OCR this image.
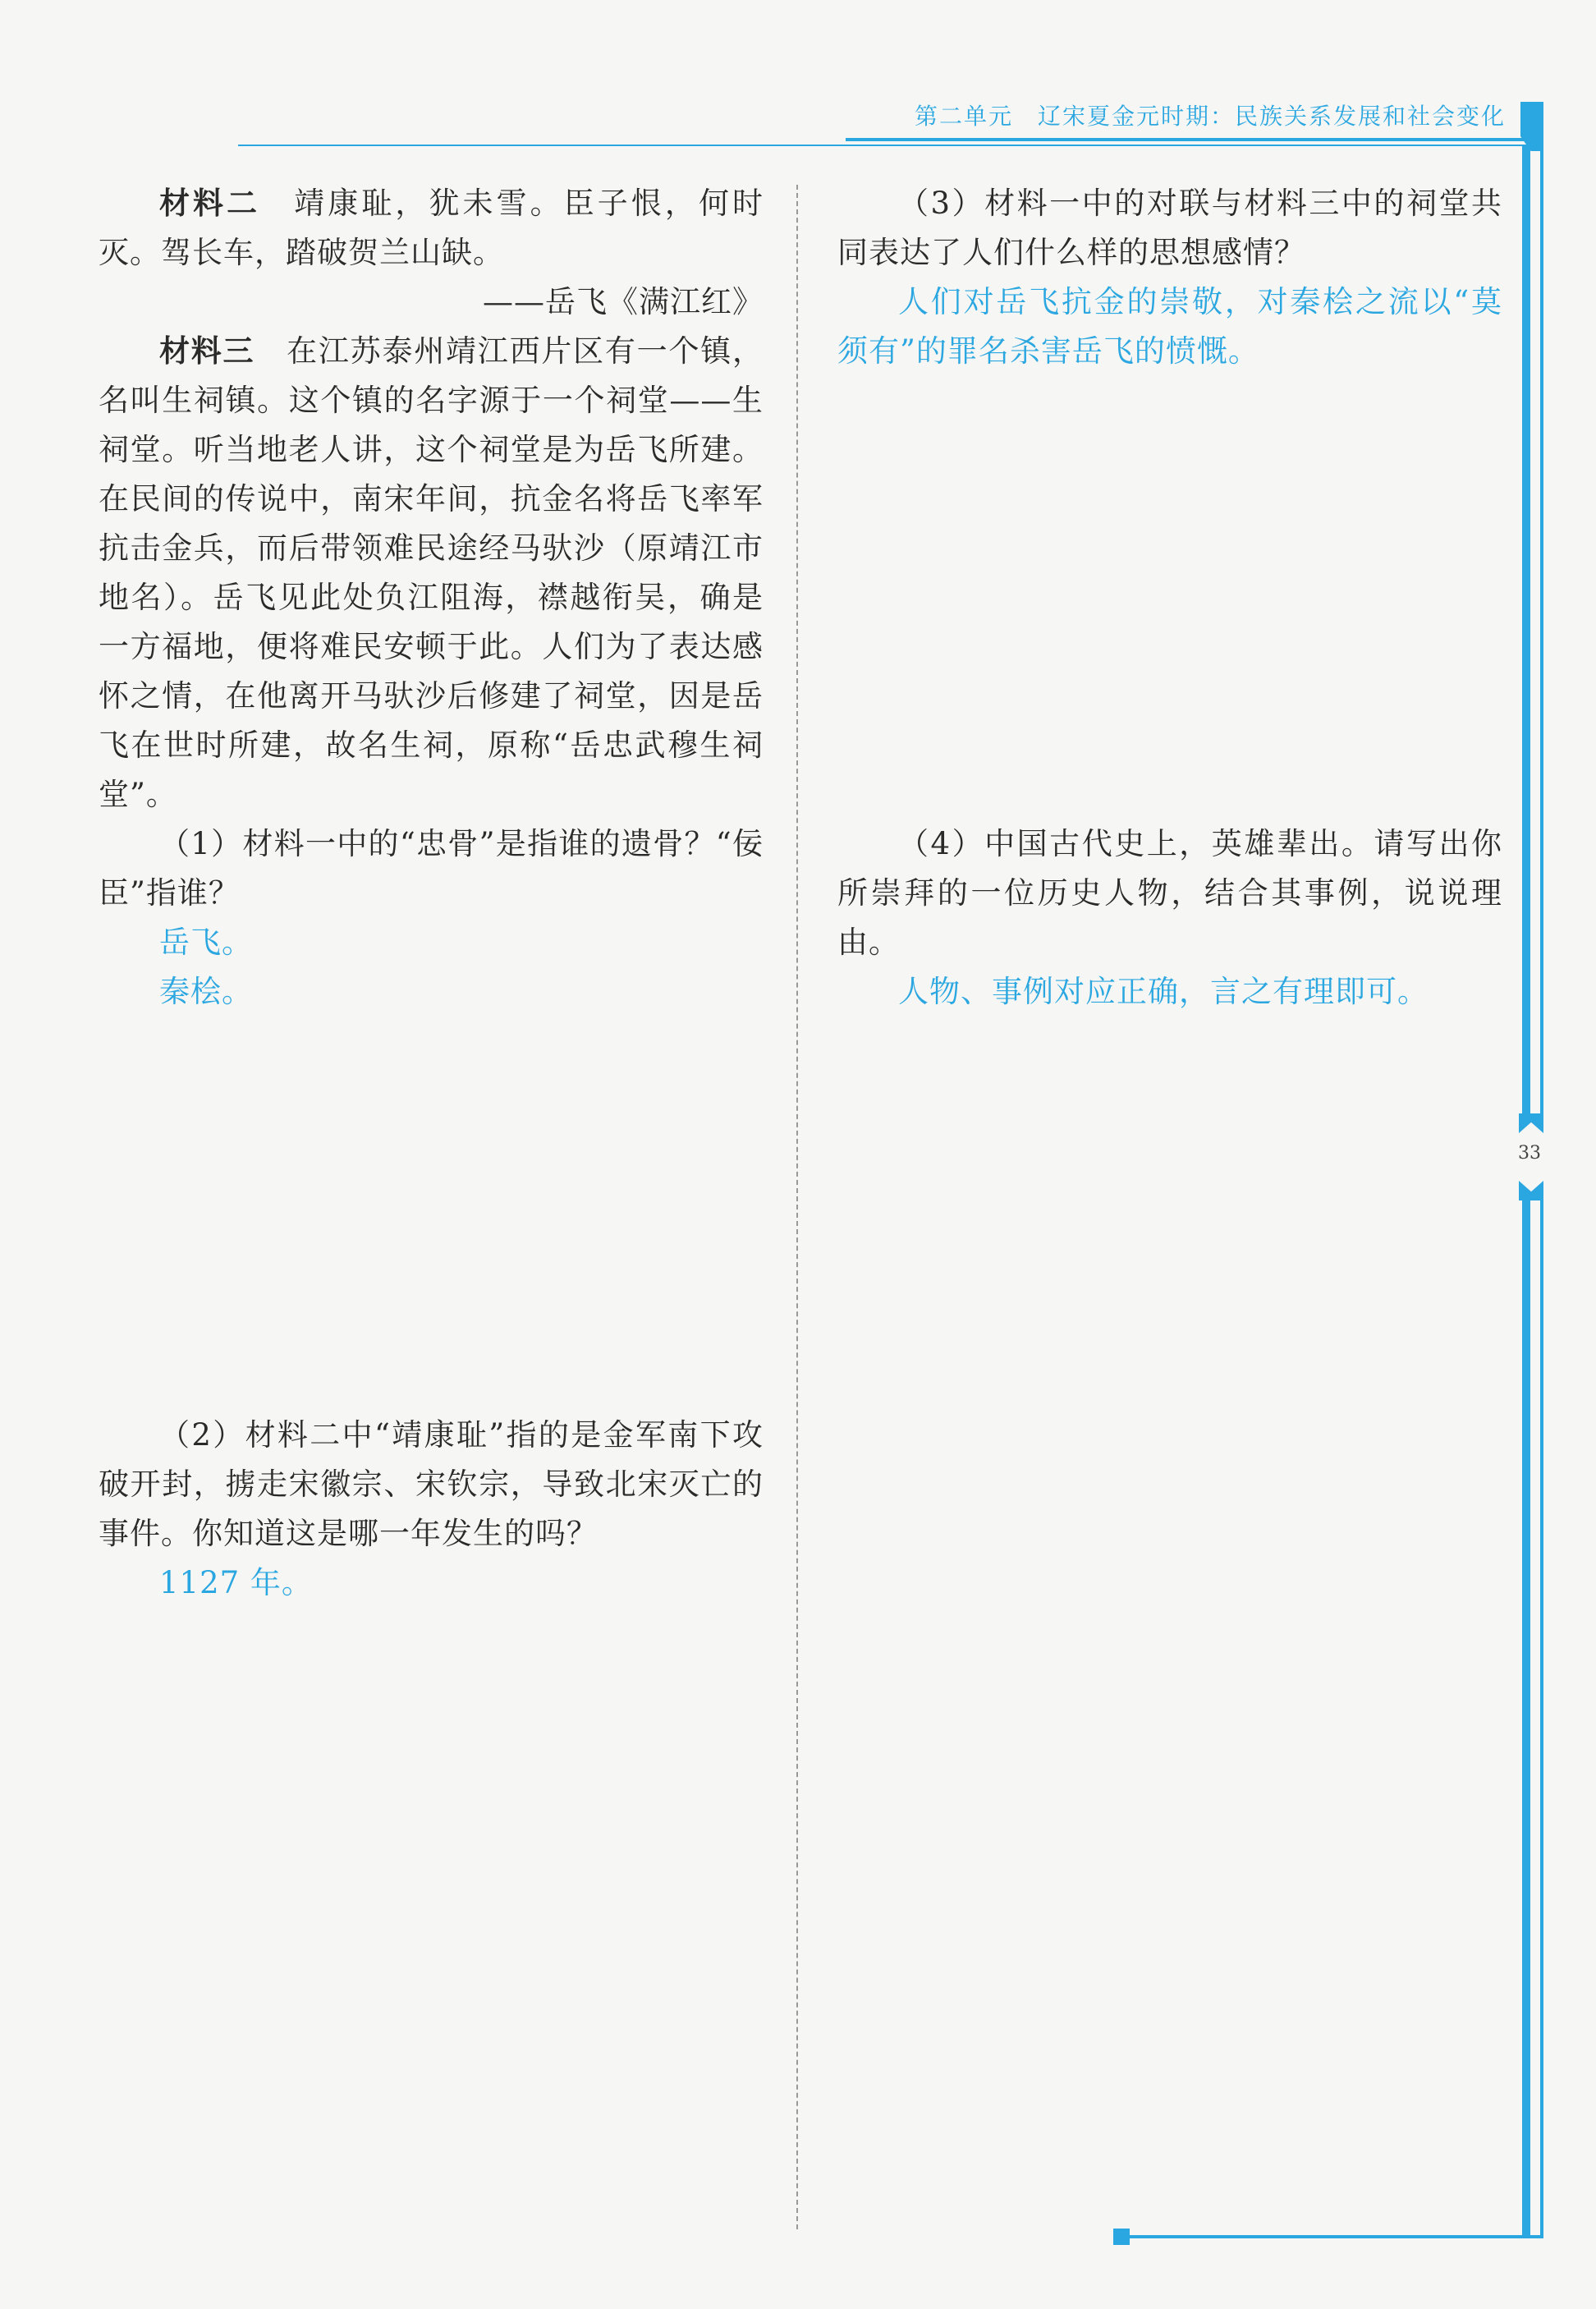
第二单元　辽宋夏金元时期：民族关系发展和社会变化
33

材料二　靖康耻，犹未雪。臣子恨，何时灭。驾长车，踏破贺兰山缺。

——岳飞《满江红》

材料三　在江苏泰州靖江西片区有一个镇，名叫生祠镇。这个镇的名字源于一个祠堂——生祠堂。听当地老人讲，这个祠堂是为岳飞所建。在民间的传说中，南宋年间，抗金名将岳飞率军抗击金兵，而后带领难民途经马驮沙（原靖江市地名）。岳飞见此处负江阻海，襟越衔吴，确是一方福地，便将难民安顿于此。人们为了表达感怀之情，在他离开马驮沙后修建了祠堂，因是岳飞在世时所建，故名生祠，原称“岳忠武穆生祠堂”。

（1）材料一中的“忠骨”是指谁的遗骨？“佞臣”指谁？

岳飞。

秦桧。

（2）材料二中“靖康耻”指的是金军南下攻破开封，掳走宋徽宗、宋钦宗，导致北宋灭亡的事件。你知道这是哪一年发生的吗？

1127 年。

（3）材料一中的对联与材料三中的祠堂共同表达了人们什么样的思想感情？

人们对岳飞抗金的崇敬，对秦桧之流以“莫须有”的罪名杀害岳飞的愤慨。

（4）中国古代史上，英雄辈出。请写出你所崇拜的一位历史人物，结合其事例，说说理由。

人物、事例对应正确，言之有理即可。
